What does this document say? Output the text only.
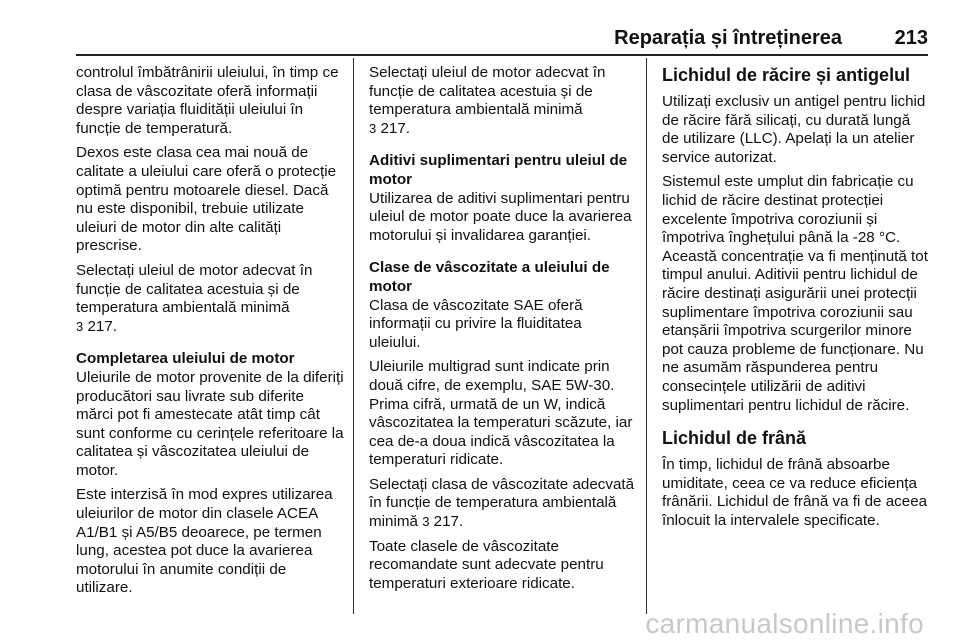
Reparația și întreținerea	213

controlul îmbătrânirii uleiului, în timp ce clasa de vâscozitate oferă informații despre variația fluidității uleiului în funcție de temperatură.

Dexos este clasa cea mai nouă de calitate a uleiului care oferă o protecție optimă pentru motoarele diesel. Dacă nu este disponibil, trebuie utilizate uleiuri de motor din alte calități prescrise.

Selectați uleiul de motor adecvat în funcție de calitatea acestuia și de temperatura ambientală minimă
3 217.

Completarea uleiului de motor

Uleiurile de motor provenite de la diferiți producători sau livrate sub diferite mărci pot fi amestecate atât timp cât sunt conforme cu cerințele referitoare la calitatea și vâscozitatea uleiului de motor.

Este interzisă în mod expres utilizarea uleiurilor de motor din clasele ACEA A1/B1 și A5/B5 deoarece, pe termen lung, acestea pot duce la avarierea motorului în anumite condiții de utilizare.

Selectați uleiul de motor adecvat în funcție de calitatea acestuia și de temperatura ambientală minimă
3 217.

Aditivi suplimentari pentru uleiul de motor

Utilizarea de aditivi suplimentari pentru uleiul de motor poate duce la avarierea motorului și invalidarea garanției.

Clase de vâscozitate a uleiului de motor

Clasa de vâscozitate SAE oferă informații cu privire la fluiditatea uleiului.

Uleiurile multigrad sunt indicate prin două cifre, de exemplu, SAE 5W-30. Prima cifră, urmată de un W, indică vâscozitatea la temperaturi scăzute, iar cea de-a doua indică vâscozitatea la temperaturi ridicate.

Selectați clasa de vâscozitate adecvată în funcție de temperatura ambientală minimă 3 217.

Toate clasele de vâscozitate recomandate sunt adecvate pentru temperaturi exterioare ridicate.

Lichidul de răcire și antigelul

Utilizați exclusiv un antigel pentru lichid de răcire fără silicați, cu durată lungă de utilizare (LLC). Apelați la un atelier service autorizat.

Sistemul este umplut din fabricație cu lichid de răcire destinat protecției excelente împotriva coroziunii și împotriva înghețului până la -28 °C. Această concentrație va fi menținută tot timpul anului. Aditivii pentru lichidul de răcire destinați asigurării unei protecții suplimentare împotriva coroziunii sau etanșării împotriva scurgerilor minore pot cauza probleme de funcționare. Nu ne asumăm răspunderea pentru consecințele utilizării de aditivi suplimentari pentru lichidul de răcire.

Lichidul de frână

În timp, lichidul de frână absoarbe umiditate, ceea ce va reduce eficiența frânării. Lichidul de frână va fi de aceea înlocuit la intervalele specificate.

carmanualsonline.info
